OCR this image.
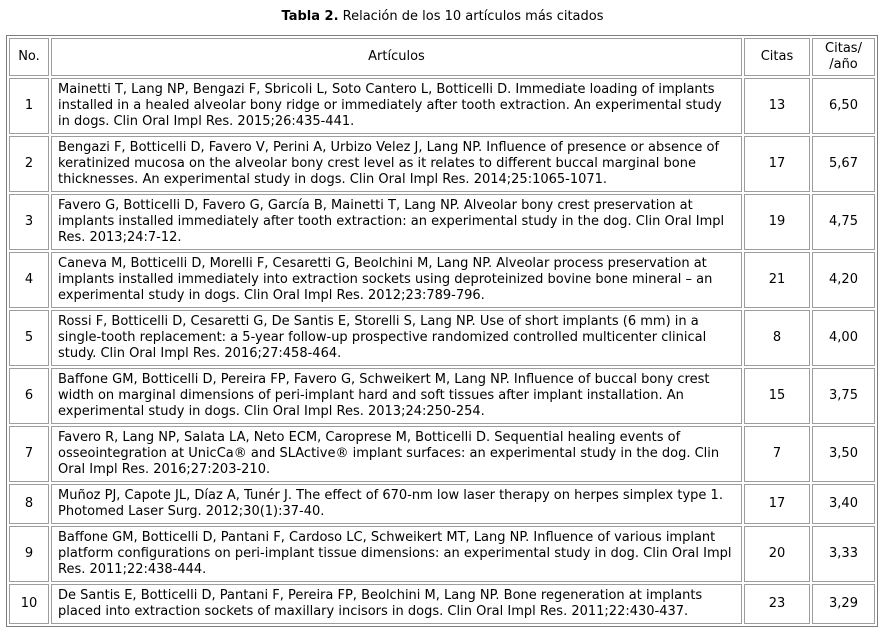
Tabla 2. Relación de los 10 artículos más citados
No.	Artículos	Citas	Citas/
/año
1	Mainetti T, Lang NP, Bengazi F, Sbricoli L, Soto Cantero L, Botticelli D. Immediate loading of implants installed in a healed alveolar bony ridge or immediately after tooth extraction. An experimental study in dogs. Clin Oral Impl Res. 2015;26:435-441.	13	6,50
2	Bengazi F, Botticelli D, Favero V, Perini A, Urbizo Velez J, Lang NP. Influence of presence or absence of keratinized mucosa on the alveolar bony crest level as it relates to different buccal marginal bone thicknesses. An experimental study in dogs. Clin Oral Impl Res. 2014;25:1065-1071.	17	5,67
3	Favero G, Botticelli D, Favero G, García B, Mainetti T, Lang NP. Alveolar bony crest preservation at implants installed immediately after tooth extraction: an experimental study in the dog. Clin Oral Impl Res. 2013;24:7-12.	19	4,75
4	Caneva M, Botticelli D, Morelli F, Cesaretti G, Beolchini M, Lang NP. Alveolar process preservation at implants installed immediately into extraction sockets using deproteinized bovine bone mineral – an experimental study in dogs. Clin Oral Impl Res. 2012;23:789-796.	21	4,20
5	Rossi F, Botticelli D, Cesaretti G, De Santis E, Storelli S, Lang NP. Use of short implants (6 mm) in a single-tooth replacement: a 5-year follow-up prospective randomized controlled multicenter clinical study. Clin Oral Impl Res. 2016;27:458-464.	8	4,00
6	Baffone GM, Botticelli D, Pereira FP, Favero G, Schweikert M, Lang NP. Influence of buccal bony crest width on marginal dimensions of peri-implant hard and soft tissues after implant installation. An experimental study in dogs. Clin Oral Impl Res. 2013;24:250-254.	15	3,75
7	Favero R, Lang NP, Salata LA, Neto ECM, Caroprese M, Botticelli D. Sequential healing events of osseointegration at UnicCa® and SLActive® implant surfaces: an experimental study in the dog. Clin Oral Impl Res. 2016;27:203-210.	7	3,50
8	Muñoz PJ, Capote JL, Díaz A, Tunér J. The effect of 670-nm low laser therapy on herpes simplex type 1. Photomed Laser Surg. 2012;30(1):37-40.	17	3,40
9	Baffone GM, Botticelli D, Pantani F, Cardoso LC, Schweikert MT, Lang NP. Influence of various implant platform configurations on peri-implant tissue dimensions: an experimental study in dog. Clin Oral Impl Res. 2011;22:438-444.	20	3,33
10	De Santis E, Botticelli D, Pantani F, Pereira FP, Beolchini M, Lang NP. Bone regeneration at implants placed into extraction sockets of maxillary incisors in dogs. Clin Oral Impl Res. 2011;22:430-437.	23	3,29
